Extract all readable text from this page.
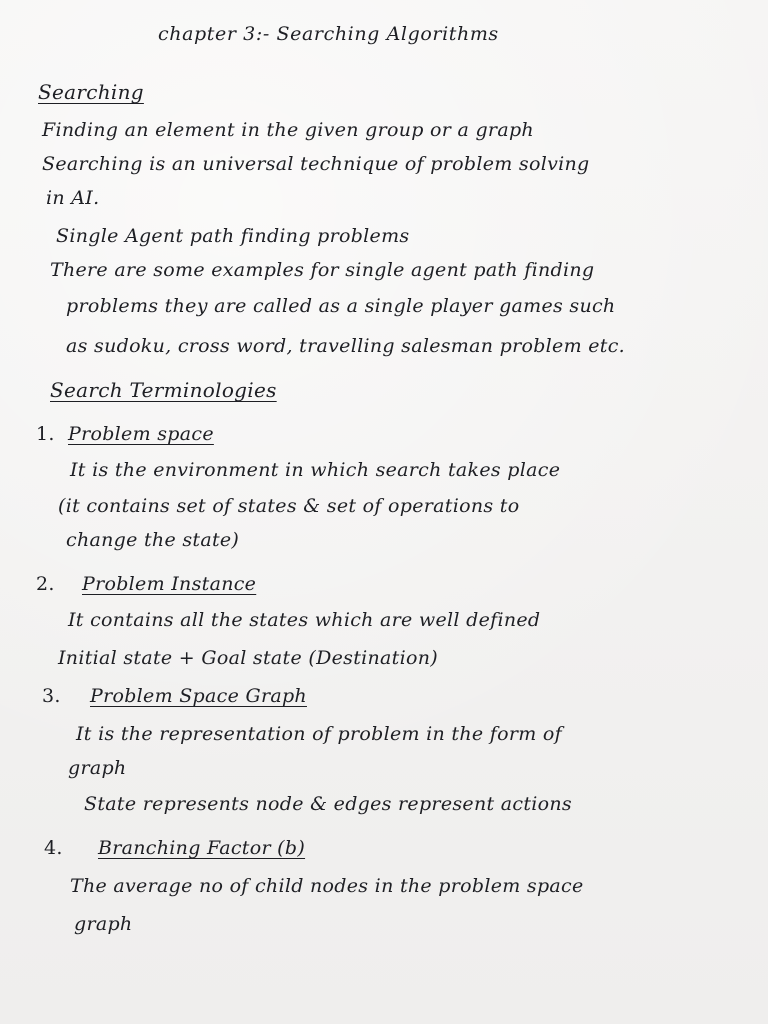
chapter 3:- Searching Algorithms
Searching
Finding an element in the given group or a graph
Searching is an universal technique of problem solving
in AI.
Single Agent path finding problems
There are some examples for single agent path finding
problems they are called as a single player games such
as sudoku, cross word, travelling salesman problem etc.
Search Terminologies
1. Problem space
It is the environment in which search takes place
(it contains set of states & set of operations to
change the state)
2. Problem Instance
It contains all the states which are well defined
Initial state + Goal state (Destination)
3. Problem Space Graph
It is the representation of problem in the form of
graph
State represents node & edges represent actions
4. Branching Factor (b)
The average no of child nodes in the problem space
graph
